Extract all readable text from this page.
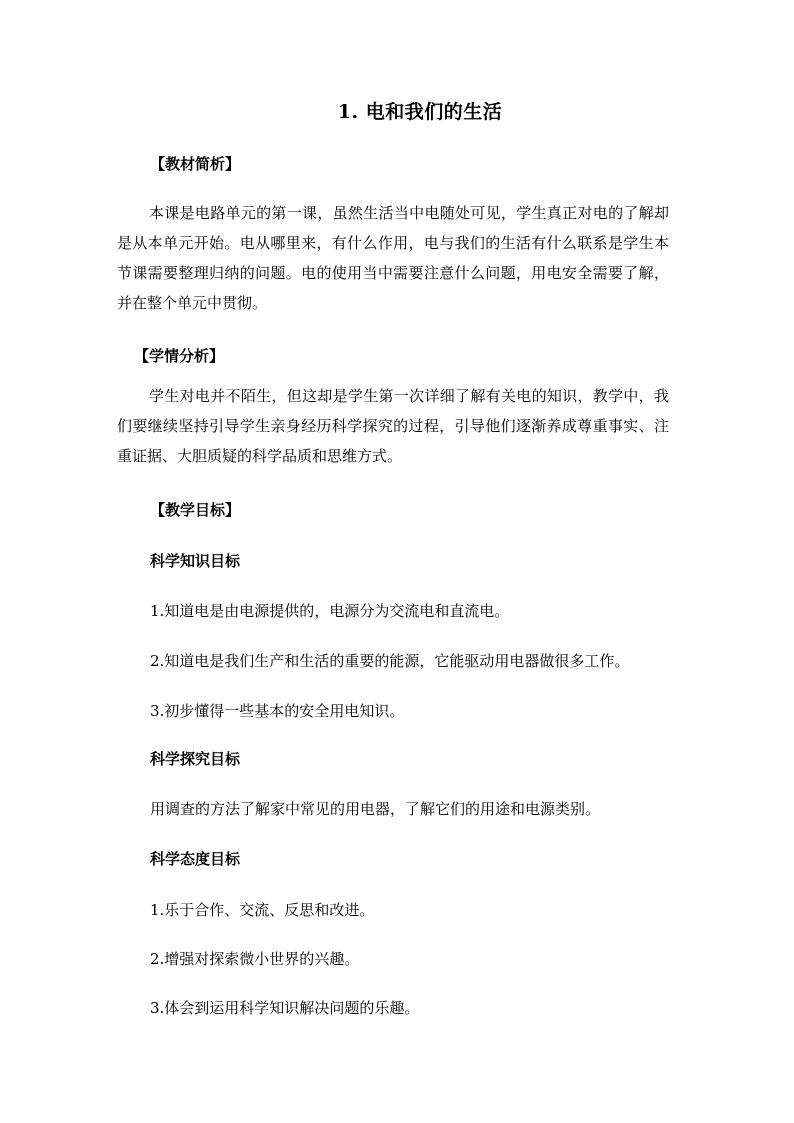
1. 电和我们的生活
【教材简析】
本课是电路单元的第一课，虽然生活当中电随处可见，学生真正对电的了解却是从本单元开始。电从哪里来，有什么作用，电与我们的生活有什么联系是学生本节课需要整理归纳的问题。电的使用当中需要注意什么问题，用电安全需要了解，并在整个单元中贯彻。
【学情分析】
学生对电并不陌生，但这却是学生第一次详细了解有关电的知识，教学中，我们要继续坚持引导学生亲身经历科学探究的过程，引导他们逐渐养成尊重事实、注重证据、大胆质疑的科学品质和思维方式。
【教学目标】
科学知识目标
1.知道电是由电源提供的，电源分为交流电和直流电。
2.知道电是我们生产和生活的重要的能源，它能驱动用电器做很多工作。
3.初步懂得一些基本的安全用电知识。
科学探究目标
用调查的方法了解家中常见的用电器，了解它们的用途和电源类别。
科学态度目标
1.乐于合作、交流、反思和改进。
2.增强对探索微小世界的兴趣。
3.体会到运用科学知识解决问题的乐趣。
